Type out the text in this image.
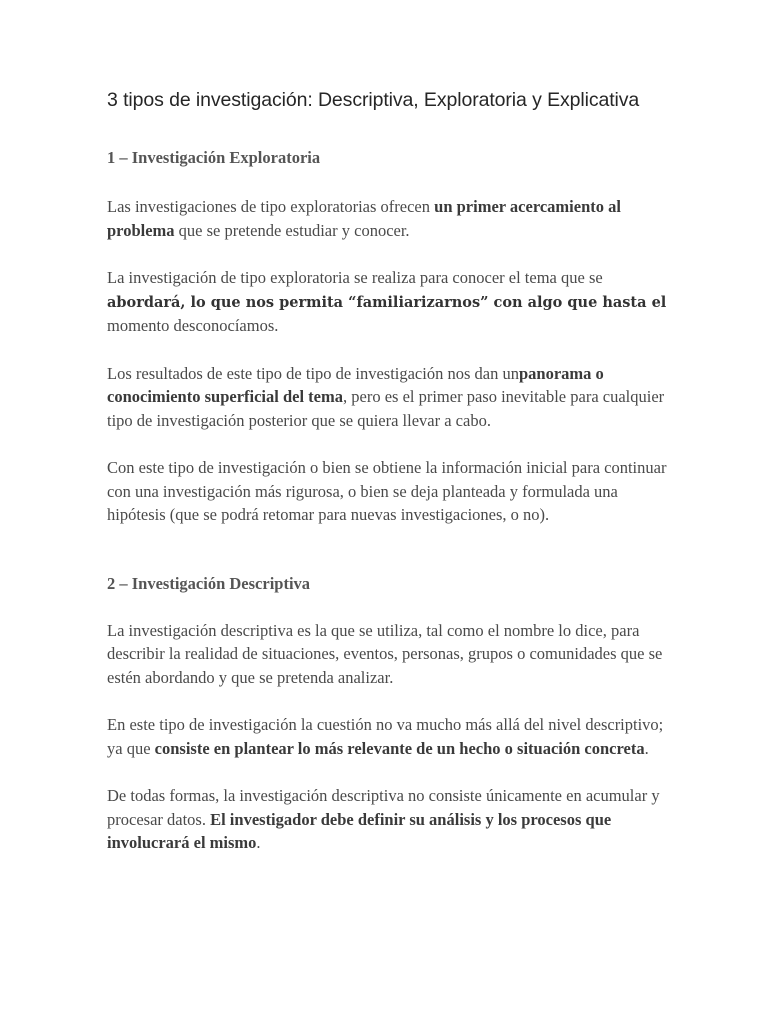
3 tipos de investigación: Descriptiva, Exploratoria y Explicativa
1 – Investigación Exploratoria

Las investigaciones de tipo exploratorias ofrecen un primer acercamiento al problema que se pretende estudiar y conocer.

La investigación de tipo exploratoria se realiza para conocer el tema que se abordará, lo que nos permita “familiarizarnos” con algo que hasta el momento desconocíamos.

Los resultados de este tipo de tipo de investigación nos dan unpanorama o conocimiento superficial del tema, pero es el primer paso inevitable para cualquier tipo de investigación posterior que se quiera llevar a cabo.

Con este tipo de investigación o bien se obtiene la información inicial para continuar con una investigación más rigurosa, o bien se deja planteada y formulada una hipótesis (que se podrá retomar para nuevas investigaciones, o no).

2 – Investigación Descriptiva

La investigación descriptiva es la que se utiliza, tal como el nombre lo dice, para describir la realidad de situaciones, eventos, personas, grupos o comunidades que se estén abordando y que se pretenda analizar.

En este tipo de investigación la cuestión no va mucho más allá del nivel descriptivo; ya que consiste en plantear lo más relevante de un hecho o situación concreta.

De todas formas, la investigación descriptiva no consiste únicamente en acumular y procesar datos. El investigador debe definir su análisis y los procesos que involucrará el mismo.
